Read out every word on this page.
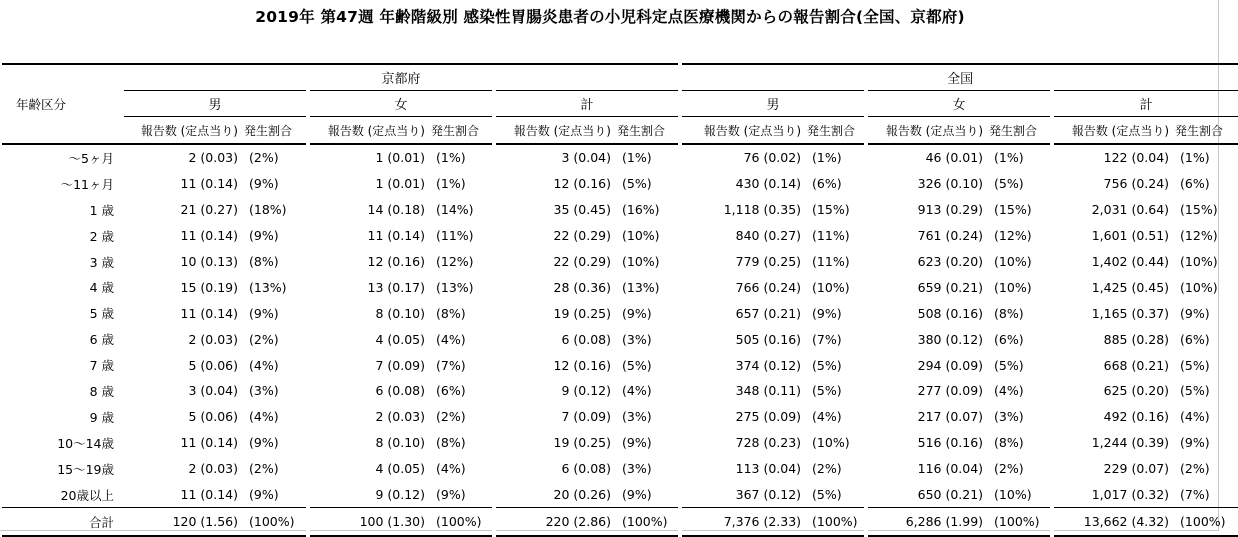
2019年 第47週 年齢階級別 感染性胃腸炎患者の小児科定点医療機関からの報告割合(全国、京都府)
年齢区分	京都府						全国					
	男		女		計		男		女		計	
	報告数 (定点当り)	発生割合	報告数 (定点当り)	発生割合	報告数 (定点当り)	発生割合	報告数 (定点当り)	発生割合	報告数 (定点当り)	発生割合	報告数 (定点当り)	発生割合
～5ヶ月	2 (0.03)	(2%)	1 (0.01)	(1%)	3 (0.04)	(1%)	76 (0.02)	(1%)	46 (0.01)	(1%)	122 (0.04)	(1%)
～11ヶ月	11 (0.14)	(9%)	1 (0.01)	(1%)	12 (0.16)	(5%)	430 (0.14)	(6%)	326 (0.10)	(5%)	756 (0.24)	(6%)
1 歳	21 (0.27)	(18%)	14 (0.18)	(14%)	35 (0.45)	(16%)	1,118 (0.35)	(15%)	913 (0.29)	(15%)	2,031 (0.64)	(15%)
2 歳	11 (0.14)	(9%)	11 (0.14)	(11%)	22 (0.29)	(10%)	840 (0.27)	(11%)	761 (0.24)	(12%)	1,601 (0.51)	(12%)
3 歳	10 (0.13)	(8%)	12 (0.16)	(12%)	22 (0.29)	(10%)	779 (0.25)	(11%)	623 (0.20)	(10%)	1,402 (0.44)	(10%)
4 歳	15 (0.19)	(13%)	13 (0.17)	(13%)	28 (0.36)	(13%)	766 (0.24)	(10%)	659 (0.21)	(10%)	1,425 (0.45)	(10%)
5 歳	11 (0.14)	(9%)	8 (0.10)	(8%)	19 (0.25)	(9%)	657 (0.21)	(9%)	508 (0.16)	(8%)	1,165 (0.37)	(9%)
6 歳	2 (0.03)	(2%)	4 (0.05)	(4%)	6 (0.08)	(3%)	505 (0.16)	(7%)	380 (0.12)	(6%)	885 (0.28)	(6%)
7 歳	5 (0.06)	(4%)	7 (0.09)	(7%)	12 (0.16)	(5%)	374 (0.12)	(5%)	294 (0.09)	(5%)	668 (0.21)	(5%)
8 歳	3 (0.04)	(3%)	6 (0.08)	(6%)	9 (0.12)	(4%)	348 (0.11)	(5%)	277 (0.09)	(4%)	625 (0.20)	(5%)
9 歳	5 (0.06)	(4%)	2 (0.03)	(2%)	7 (0.09)	(3%)	275 (0.09)	(4%)	217 (0.07)	(3%)	492 (0.16)	(4%)
10～14歳	11 (0.14)	(9%)	8 (0.10)	(8%)	19 (0.25)	(9%)	728 (0.23)	(10%)	516 (0.16)	(8%)	1,244 (0.39)	(9%)
15～19歳	2 (0.03)	(2%)	4 (0.05)	(4%)	6 (0.08)	(3%)	113 (0.04)	(2%)	116 (0.04)	(2%)	229 (0.07)	(2%)
20歳以上	11 (0.14)	(9%)	9 (0.12)	(9%)	20 (0.26)	(9%)	367 (0.12)	(5%)	650 (0.21)	(10%)	1,017 (0.32)	(7%)
合計	120 (1.56)	(100%)	100 (1.30)	(100%)	220 (2.86)	(100%)	7,376 (2.33)	(100%)	6,286 (1.99)	(100%)	13,662 (4.32)	(100%)
